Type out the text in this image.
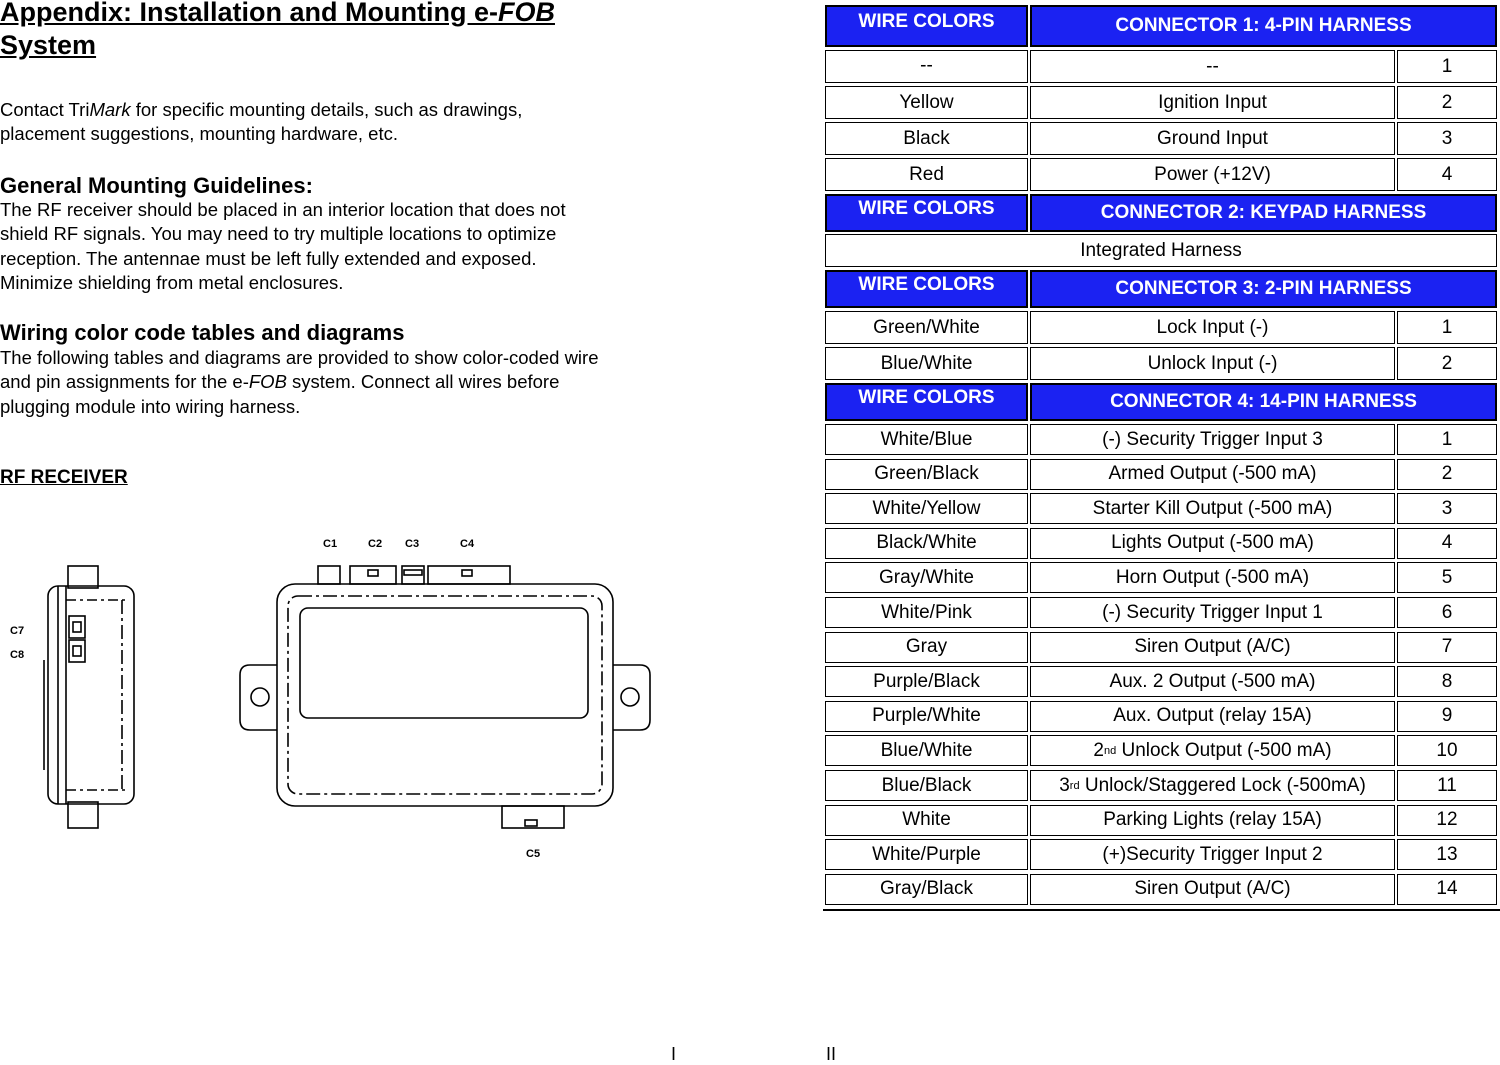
Appendix: Installation and Mounting e-FOB
System
Contact TriMark for specific mounting details, such as drawings,
placement suggestions, mounting hardware, etc.
General Mounting Guidelines:
The RF receiver should be placed in an interior location that does not
shield RF signals. You may need to try multiple locations to optimize
reception. The antennae must be left fully extended and exposed.
Minimize shielding from metal enclosures.
Wiring color code tables and diagrams
The following tables and diagrams are provided to show color-coded wire
and pin assignments for the e-FOB system. Connect all wires before
plugging module into wiring harness.
RF RECEIVER
C1	C2 C3	C4
C5
C7
C8
WIRE COLORS	CONNECTOR 1: 4-PIN HARNESS
--	--	1
Yellow	Ignition Input	2
Black	Ground Input	3
Red	Power (+12V)	4
WIRE COLORS	CONNECTOR 2: KEYPAD HARNESS
Integrated Harness
WIRE COLORS	CONNECTOR 3: 2-PIN HARNESS
Green/White	Lock Input (-)	1
Blue/White	Unlock Input (-)	2
WIRE COLORS	CONNECTOR 4: 14-PIN HARNESS
White/Blue	(-) Security Trigger Input 3	1
Green/Black	Armed Output (-500 mA)	2
White/Yellow	Starter Kill Output (-500 mA)	3
Black/White	Lights Output (-500 mA)	4
Gray/White	Horn Output (-500 mA)	5
White/Pink	(-) Security Trigger Input 1	6
Gray	Siren Output (A/C)	7
Purple/Black	Aux. 2 Output (-500 mA)	8
Purple/White	Aux. Output (relay 15A)	9
Blue/White	2 nd Unlock Output (-500 mA)	10
Blue/Black	3 rd Unlock/Staggered Lock (-500mA)	11
White	Parking Lights (relay 15A)	12
White/Purple	(+)Security Trigger Input 2	13
Gray/Black	Siren Output (A/C)	14
I	II
